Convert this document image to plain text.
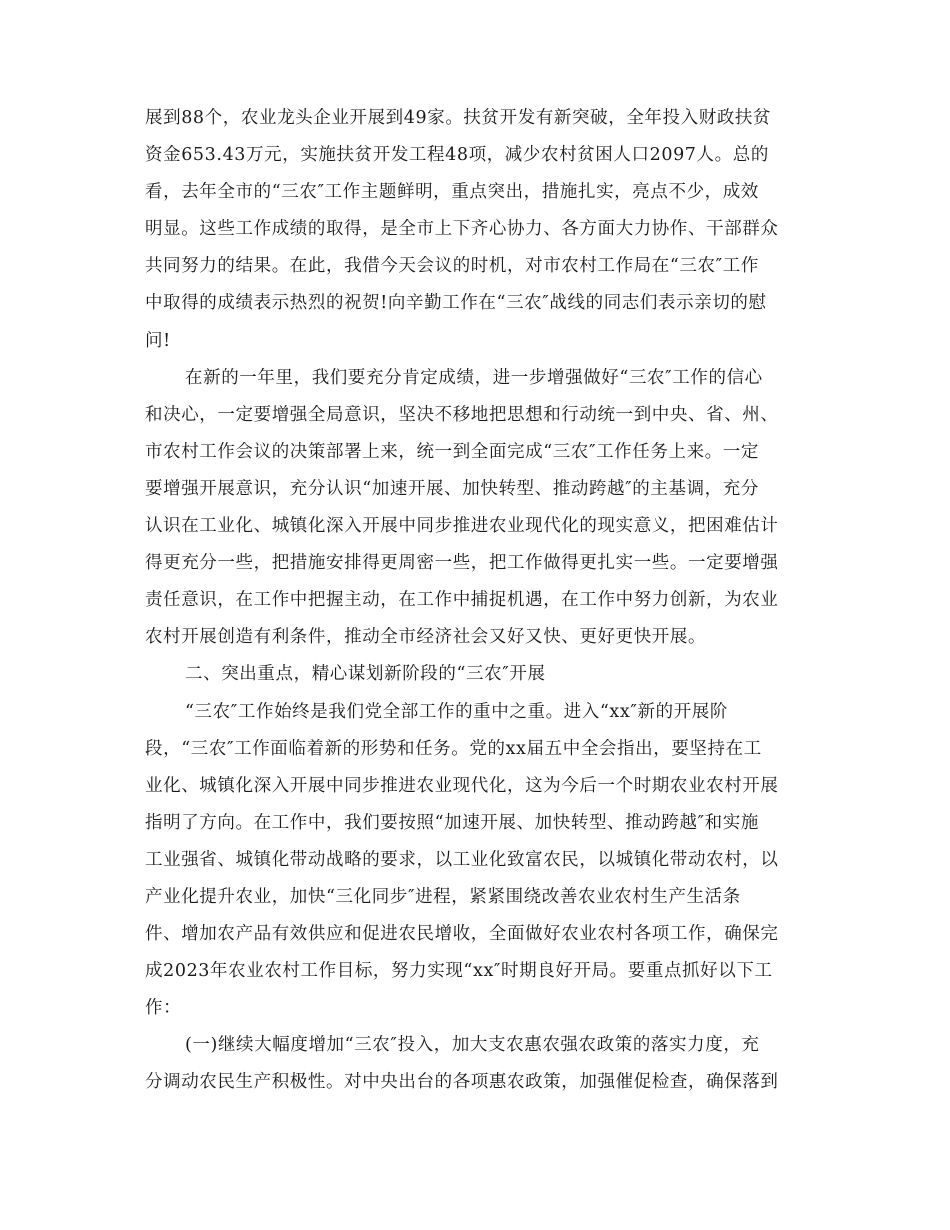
展到88个，农业龙头企业开展到49家。扶贫开发有新突破，全年投入财政扶贫
资金653.43万元，实施扶贫开发工程48项，减少农村贫困人口2097人。总的
看，去年全市的“三农″工作主题鲜明，重点突出，措施扎实，亮点不少，成效
明显。这些工作成绩的取得，是全市上下齐心协力、各方面大力协作、干部群众
共同努力的结果。在此，我借今天会议的时机，对市农村工作局在“三农″工作
中取得的成绩表示热烈的祝贺!向辛勤工作在“三农″战线的同志们表示亲切的慰
问!
在新的一年里，我们要充分肯定成绩，进一步增强做好“三农″工作的信心
和决心，一定要增强全局意识，坚决不移地把思想和行动统一到中央、省、州、
市农村工作会议的决策部署上来，统一到全面完成“三农″工作任务上来。一定
要增强开展意识，充分认识“加速开展、加快转型、推动跨越″的主基调，充分
认识在工业化、城镇化深入开展中同步推进农业现代化的现实意义，把困难估计
得更充分一些，把措施安排得更周密一些，把工作做得更扎实一些。一定要增强
责任意识，在工作中把握主动，在工作中捕捉机遇，在工作中努力创新，为农业
农村开展创造有利条件，推动全市经济社会又好又快、更好更快开展。
二、突出重点，精心谋划新阶段的“三农″开展
“三农″工作始终是我们党全部工作的重中之重。进入“xx″新的开展阶
段，“三农″工作面临着新的形势和任务。党的xx届五中全会指出，要坚持在工
业化、城镇化深入开展中同步推进农业现代化，这为今后一个时期农业农村开展
指明了方向。在工作中，我们要按照“加速开展、加快转型、推动跨越″和实施
工业强省、城镇化带动战略的要求，以工业化致富农民，以城镇化带动农村，以
产业化提升农业，加快“三化同步″进程，紧紧围绕改善农业农村生产生活条
件、增加农产品有效供应和促进农民增收，全面做好农业农村各项工作，确保完
成2023年农业农村工作目标，努力实现“xx″时期良好开局。要重点抓好以下工
作：
(一)继续大幅度增加“三农″投入，加大支农惠农强农政策的落实力度，充
分调动农民生产积极性。对中央出台的各项惠农政策，加强催促检查，确保落到
